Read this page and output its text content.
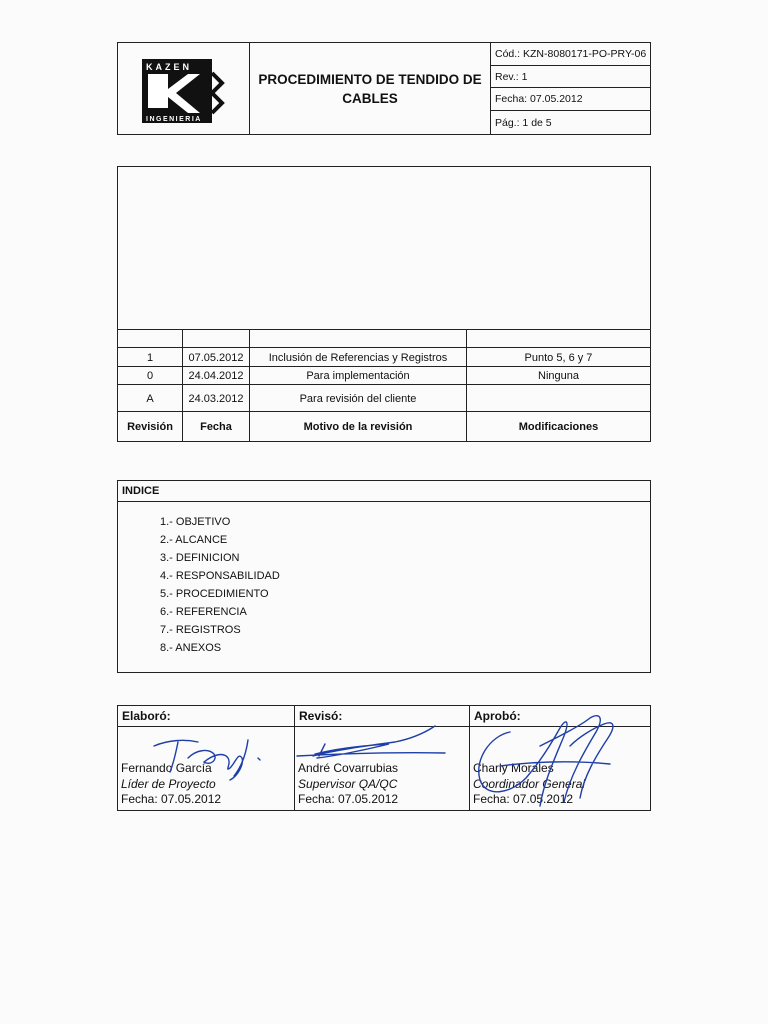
KAZEN
INGENIERIA
PROCEDIMIENTO DE TENDIDO DE CABLES
Cód.: KZN-8080171-PO-PRY-06
Rev.: 1
Fecha: 07.05.2012
Pág.: 1 de 5
1	07.05.2012	Inclusión de Referencias y Registros	Punto 5, 6 y 7
0	24.04.2012	Para implementación	Ninguna
A	24.03.2012	Para revisión del cliente
Revisión	Fecha	Motivo de la revisión	Modificaciones
INDICE
1.- OBJETIVO
2.- ALCANCE
3.- DEFINICION
4.- RESPONSABILIDAD
5.- PROCEDIMIENTO
6.- REFERENCIA
7.- REGISTROS
8.- ANEXOS
Elaboró:
Fernando García
Líder de Proyecto
Fecha: 07.05.2012
Revisó:
André Covarrubias
Supervisor QA/QC
Fecha: 07.05.2012
Aprobó:
Charly Morales
Coordinador General
Fecha: 07.05.2012
